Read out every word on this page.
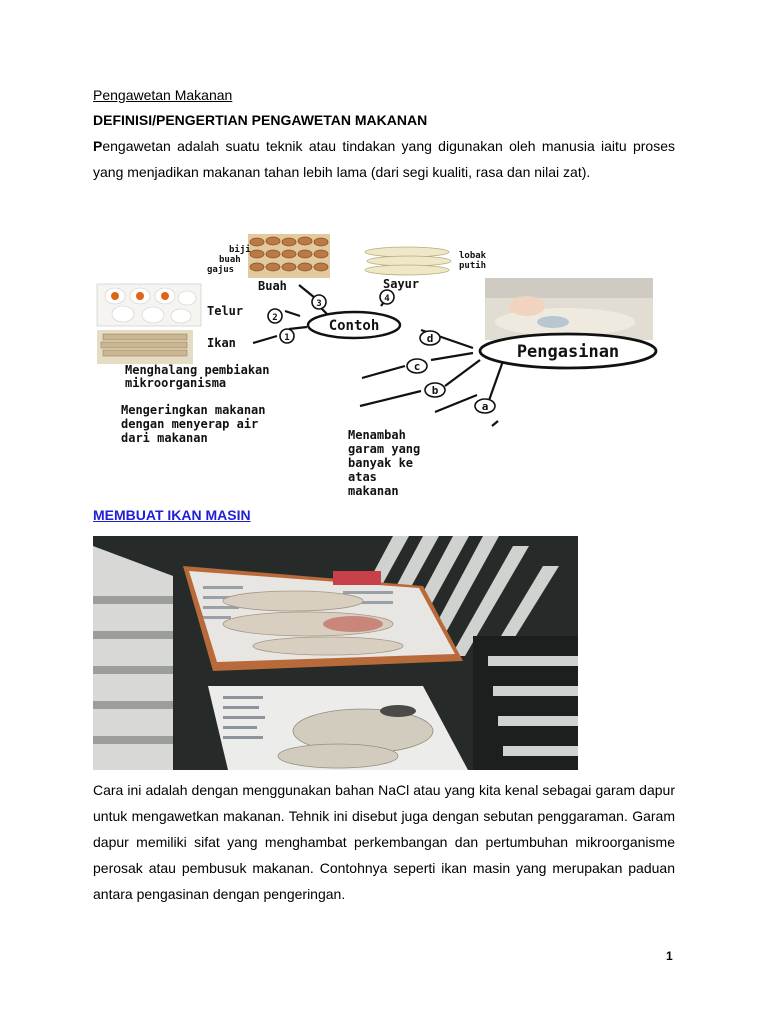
Pengawetan Makanan
DEFINISI/PENGERTIAN PENGAWETAN MAKANAN
Pengawetan adalah suatu teknik atau tindakan yang digunakan oleh manusia iaitu proses yang menjadikan makanan tahan lebih lama (dari segi kualiti, rasa dan nilai zat).
Contoh
Pengasinan
1
2
3	4
d
c
b
a
biji
buah
gajus
lobak
putih
Buah	Sayur
Telur
Ikan
Menghalang pembiakan
mikroorganisma
Mengeringkan makanan
dengan menyerap air
dari makanan	Menambah
garam yang
banyak ke
atas
makanan
MEMBUAT IKAN MASIN
Cara ini adalah dengan menggunakan bahan NaCl atau yang kita kenal sebagai garam dapur untuk mengawetkan makanan. Tehnik ini disebut juga dengan sebutan penggaraman. Garam dapur memiliki sifat yang menghambat perkembangan dan pertumbuhan mikroorganisme perosak atau pembusuk makanan. Contohnya seperti ikan masin yang merupakan paduan antara pengasinan dengan pengeringan.
1
